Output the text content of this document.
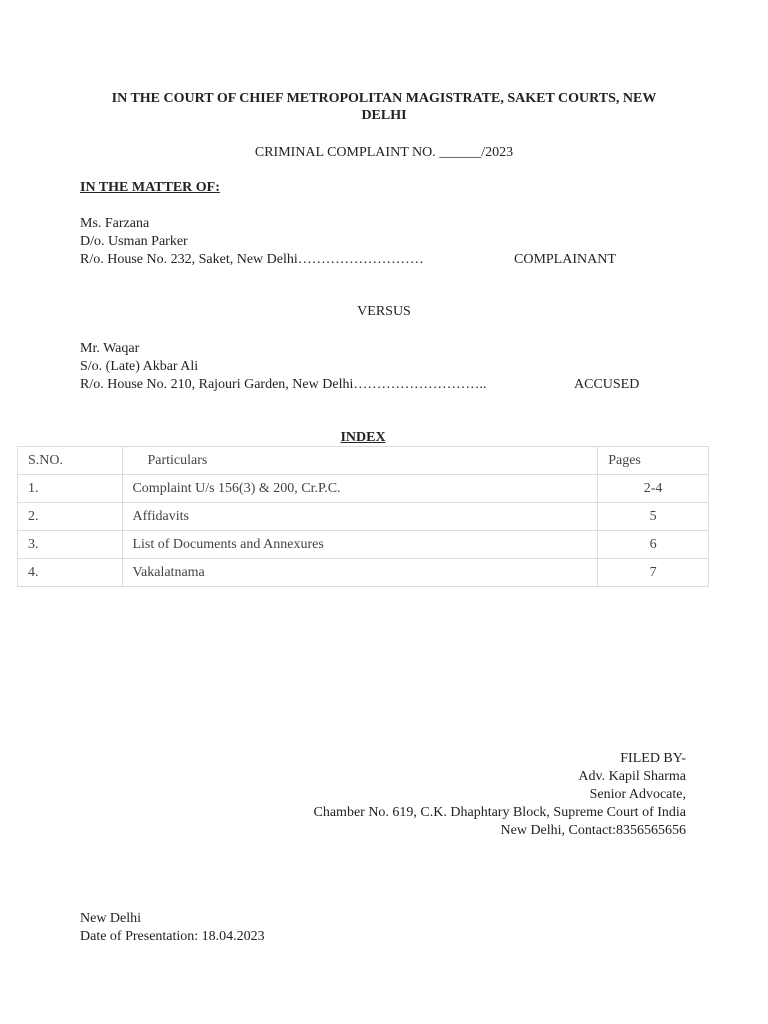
IN THE COURT OF CHIEF METROPOLITAN MAGISTRATE, SAKET COURTS, NEW
DELHI
CRIMINAL COMPLAINT NO. ______/2023
IN THE MATTER OF:
Ms. Farzana
D/o. Usman Parker
R/o. House No. 232, Saket, New Delhi………………………	COMPLAINANT
VERSUS
Mr. Waqar
S/o. (Late) Akbar Ali
R/o. House No. 210, Rajouri Garden, New Delhi………………………..	ACCUSED
INDEX
S.NO.	Particulars	Pages
1.	Complaint U/s 156(3) & 200, Cr.P.C.	2-4
2.	Affidavits	5
3.	List of Documents and Annexures	6
4.	Vakalatnama	7
FILED BY-
Adv. Kapil Sharma
Senior Advocate,
Chamber No. 619, C.K. Dhaphtary Block, Supreme Court of India
New Delhi, Contact:8356565656
New Delhi
Date of Presentation: 18.04.2023
